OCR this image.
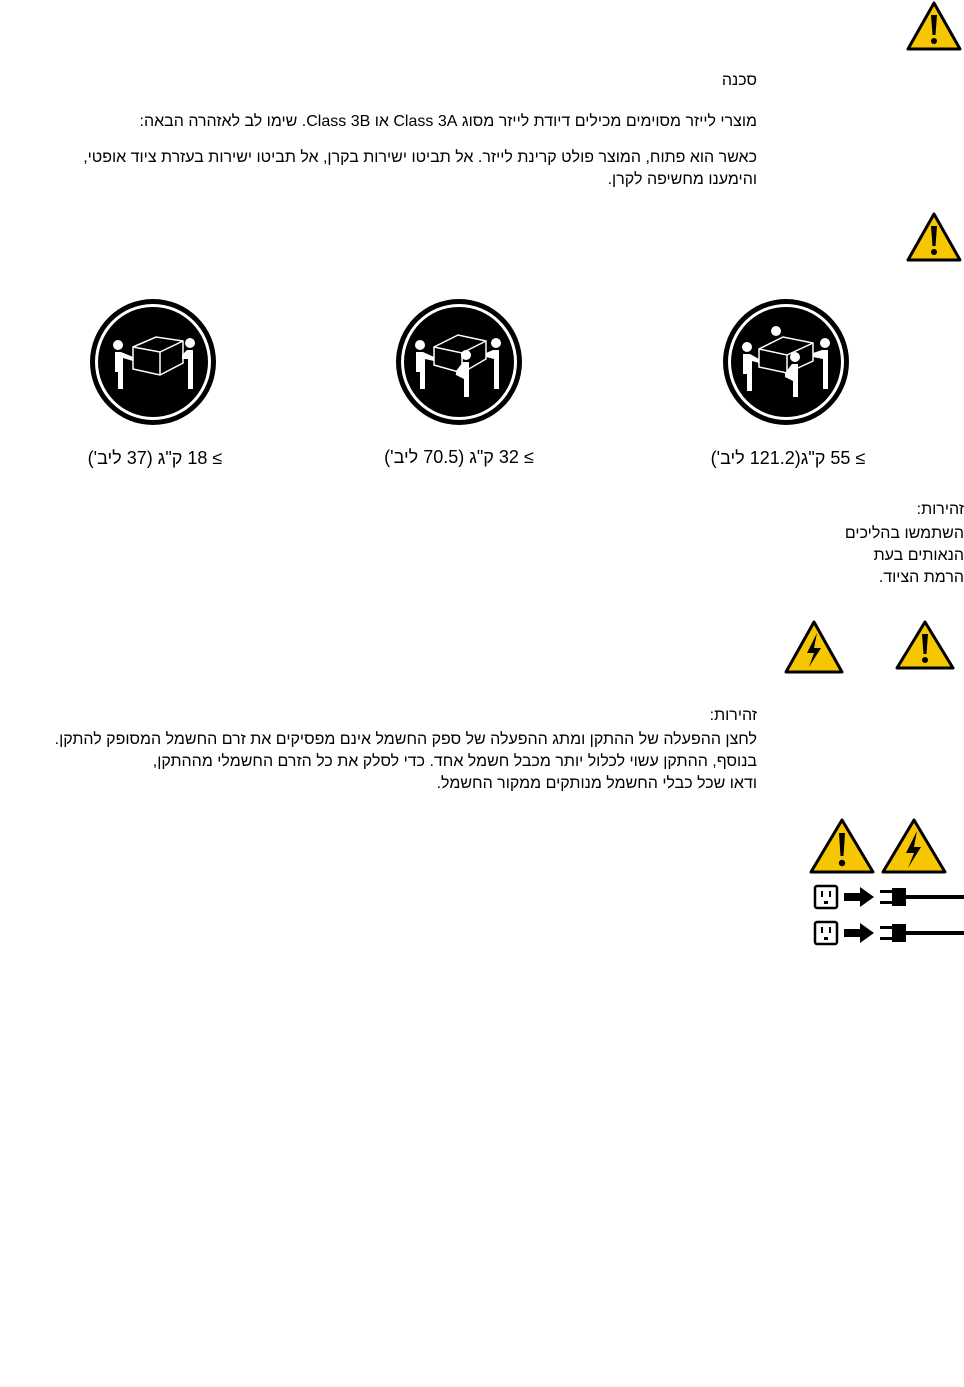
סכנה
מוצרי לייזר מסוימים מכילים דיודת לייזר מסוג Class 3A או Class 3B. שימו לב לאזהרה הבאה:
כאשר הוא פתוח, המוצר פולט קרינת לייזר. אל תביטו ישירות בקרן, אל תביטו ישירות בעזרת ציוד אופטי,
והימענו מחשיפה לקרן.
≥ 18 ק"ג (37 ליב')	≥ 32 ק"ג (70.5 ליב')	≥ 55 ק"ג(121.2 ליב')
זהירות:
השתמשו בהליכים
הנאותים בעת
הרמת הציוד.
זהירות:
לחצן ההפעלה של ההתקן ומתג ההפעלה של ספק החשמל אינם מפסיקים את זרם החשמל המסופק להתקן.
בנוסף, ההתקן עשוי לכלול יותר מכבל חשמל אחד. כדי לסלק את כל הזרם החשמלי מההתקן,
ודאו שכל כבלי החשמל מנותקים ממקור החשמל.
